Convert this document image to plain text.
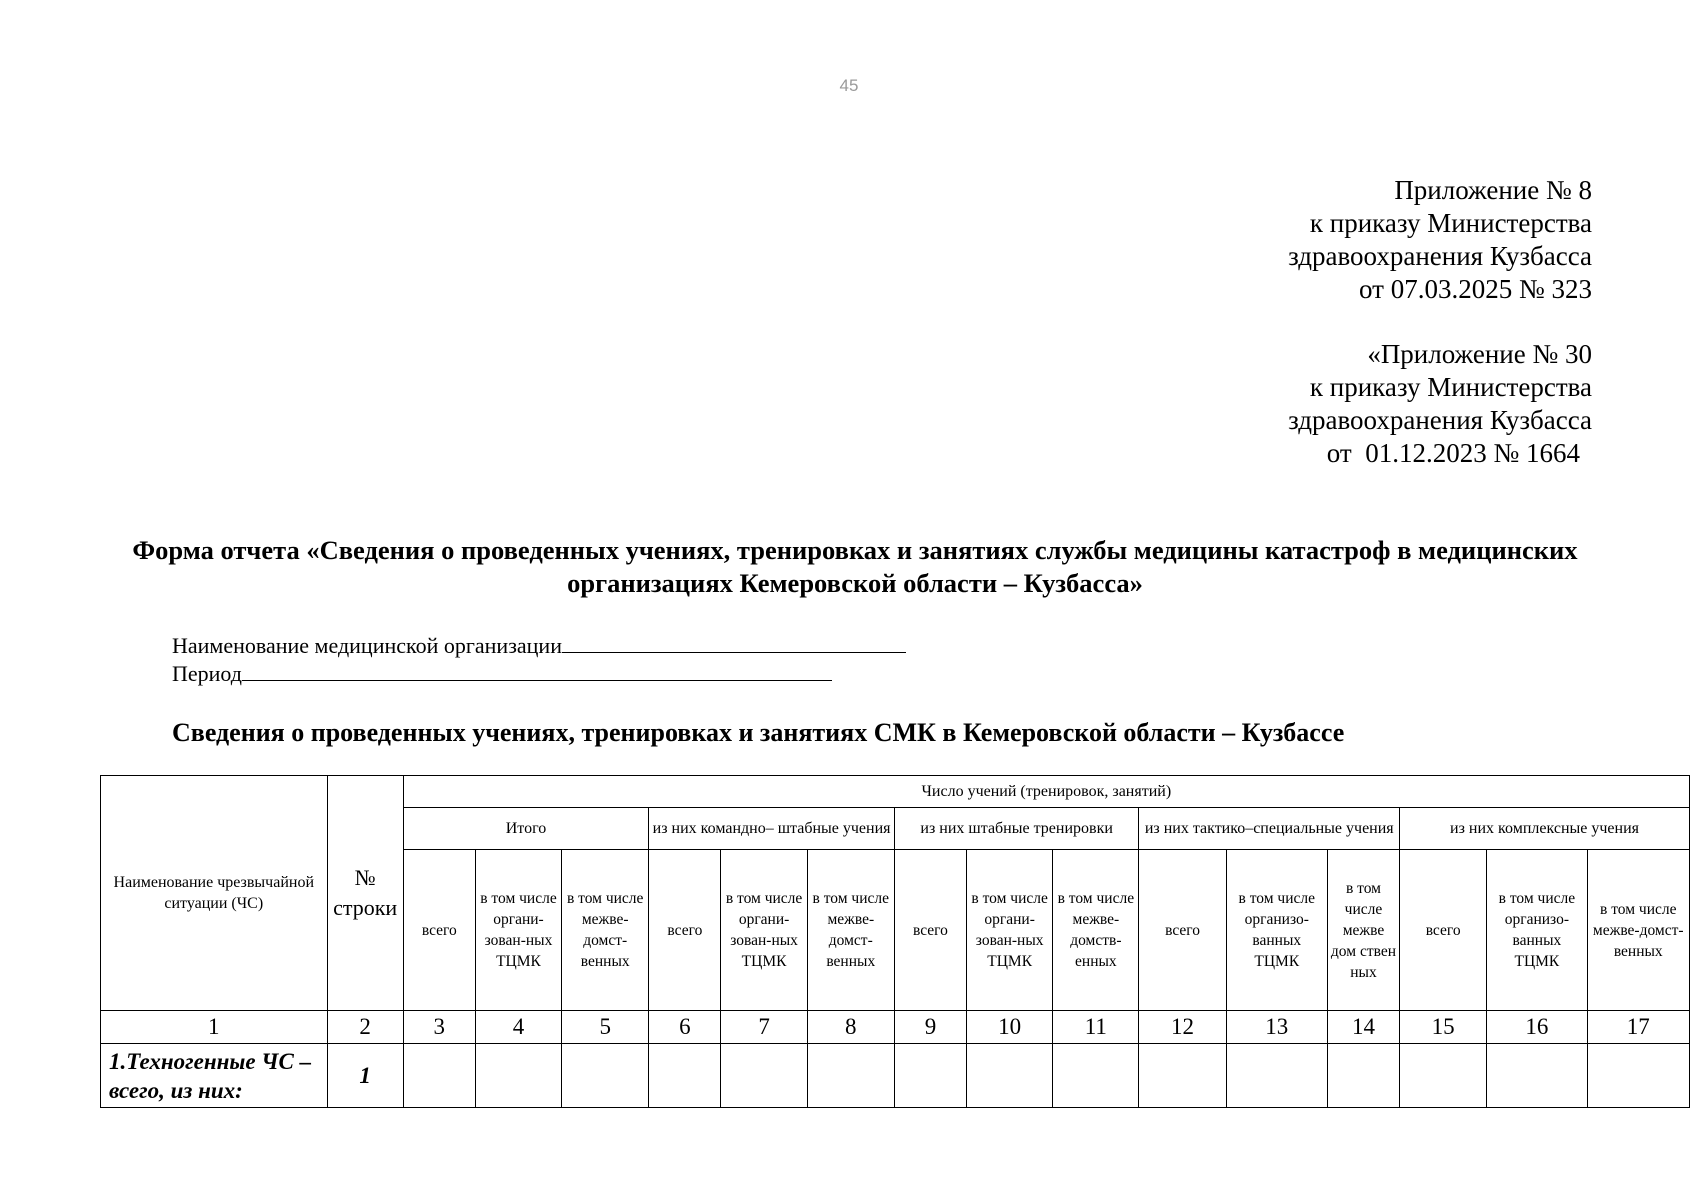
45
Приложение № 8
к приказу Министерства
здравоохранения Кузбасса
от 07.03.2025 № 323
«Приложение № 30
к приказу Министерства
здравоохранения Кузбасса
от  01.12.2023 № 1664
Форма отчета «Сведения о проведенных учениях, тренировках и занятиях службы медицины катастроф в медицинских организациях Кемеровской области – Кузбасса»
Наименование медицинской организации
Период
Сведения о проведенных учениях, тренировках и занятиях СМК в Кемеровской области – Кузбассе
Наименование чрезвычайной ситуации (ЧС)	№ строки	Число учений (тренировок, занятий)														
		Итого			из них командно– штабные учения			из них штабные тренировки			из них тактико–специальные учения			из них комплексные учения		
		всего	в том числе органи-зован-ных ТЦМК	в том числе межве-домст-венных	всего	в том числе органи-зован-ных ТЦМК	в том числе межве-домст-венных	всего	в том числе органи-зован-ных ТЦМК	в том числе межве-домств-енных	всего	в том числе организо-ванных ТЦМК	в том числе межве дом ствен ных	всего	в том числе организо-ванных ТЦМК	в том числе межве-домст-венных
1	2	3	4	5	6	7	8	9	10	11	12	13	14	15	16	17
1.Техногенные ЧС – всего, из них:	1															
